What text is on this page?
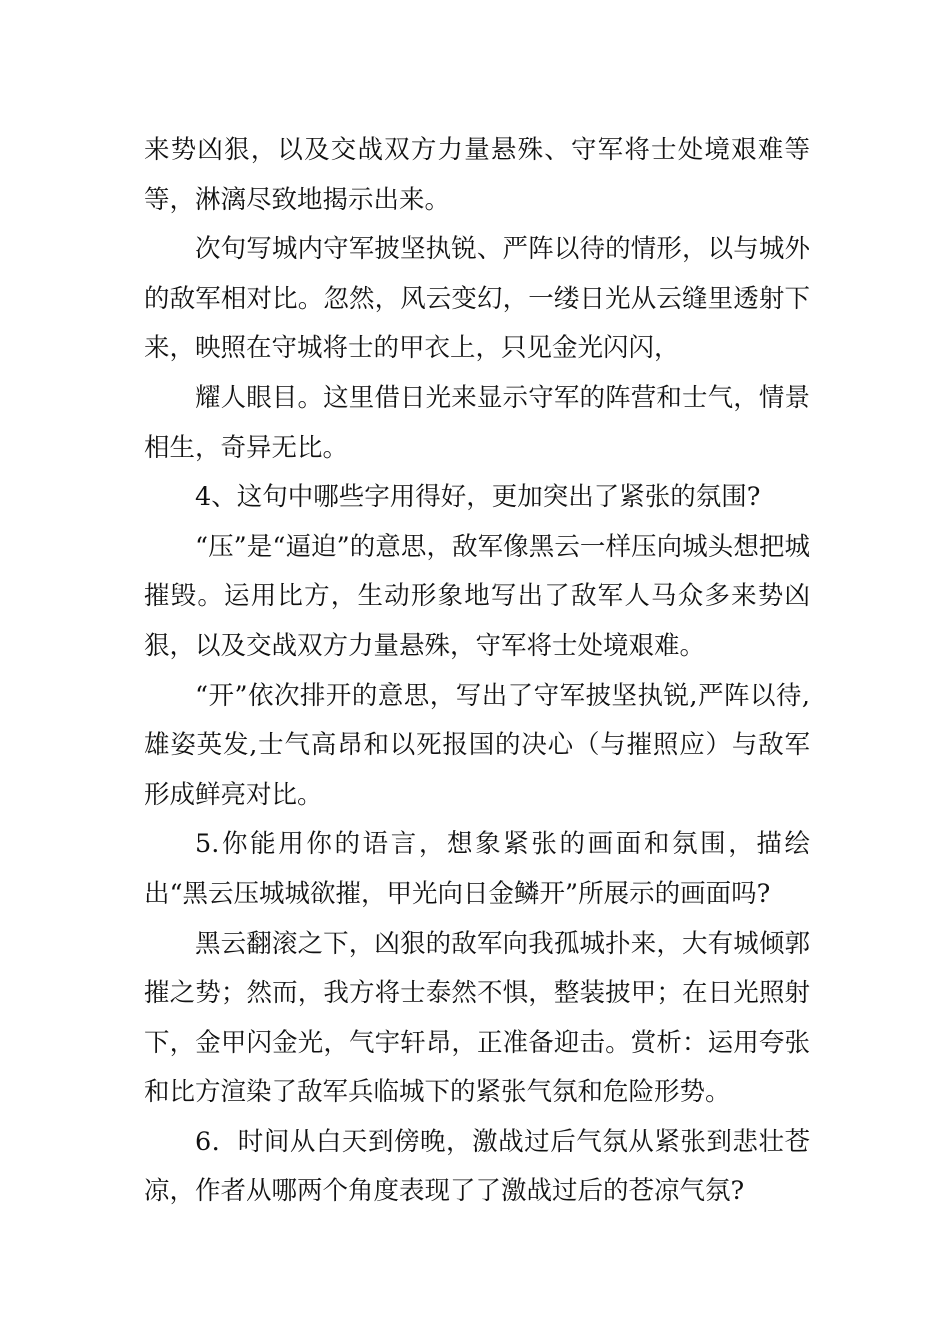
来势凶狠，以及交战双方力量悬殊、守军将士处境艰难等等，淋漓尽致地揭示出来。

次句写城内守军披坚执锐、严阵以待的情形，以与城外的敌军相对比。忽然，风云变幻，一缕日光从云缝里透射下来，映照在守城将士的甲衣上，只见金光闪闪，

耀人眼目。这里借日光来显示守军的阵营和士气，情景相生，奇异无比。

4、这句中哪些字用得好，更加突出了紧张的氛围?

“压”是“逼迫”的意思，敌军像黑云一样压向城头想把城摧毁。运用比方，生动形象地写出了敌军人马众多来势凶狠，以及交战双方力量悬殊，守军将士处境艰难。

“开”依次排开的意思，写出了守军披坚执锐,严阵以待,雄姿英发,士气高昂和以死报国的决心（与摧照应）与敌军形成鲜亮对比。

5.你能用你的语言，想象紧张的画面和氛围，描绘出“黑云压城城欲摧，甲光向日金鳞开”所展示的画面吗?

黑云翻滚之下，凶狠的敌军向我孤城扑来，大有城倾郭摧之势；然而，我方将士泰然不惧，整装披甲；在日光照射下，金甲闪金光，气宇轩昂，正准备迎击。赏析：运用夸张和比方渲染了敌军兵临城下的紧张气氛和危险形势。

6．时间从白天到傍晚，激战过后气氛从紧张到悲壮苍凉，作者从哪两个角度表现了了激战过后的苍凉气氛?
